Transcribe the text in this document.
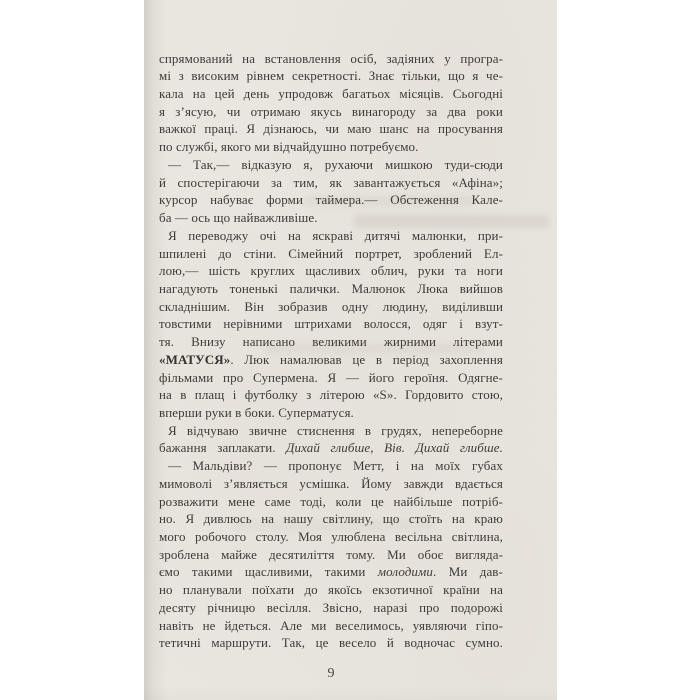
спрямований на встановлення осіб, задіяних у програ-
мі з високим рівнем секретності. Знає тільки, що я че-
кала на цей день упродовж багатьох місяців. Сьогодні
я з’ясую, чи отримаю якусь винагороду за два роки
важкої праці. Я дізнаюсь, чи маю шанс на просування
по службі, якого ми відчайдушно потребуємо.
— Так,— відказую я, рухаючи мишкою туди-сюди
й спостерігаючи за тим, як завантажується «Афіна»;
курсор набуває форми таймера.— Обстеження Кале-
ба — ось що найважливіше.
Я переводжу очі на яскраві дитячі малюнки, при-
шпилені до стіни. Сімейний портрет, зроблений Ел-
лою,— шість круглих щасливих облич, руки та ноги
нагадують тоненькі палички. Малюнок Люка вийшов
складнішим. Він зобразив одну людину, виділивши
товстими нерівними штрихами волосся, одяг і взут-
тя. Внизу написано великими жирними літерами
«МАТУСЯ». Люк намалював це в період захоплення
фільмами про Супермена. Я — його героїня. Одягне-
на в плащ і футболку з літерою «S». Гордовито стою,
вперши руки в боки. Суперматуся.
Я відчуваю звичне стиснення в грудях, непереборне
бажання заплакати. Дихай глибше, Вів. Дихай глибше.
— Мальдіви? — пропонує Метт, і на моїх губах
мимоволі з’являється усмішка. Йому завжди вдається
розважити мене саме тоді, коли це найбільше потріб-
но. Я дивлюсь на нашу світлину, що стоїть на краю
мого робочого столу. Моя улюблена весільна світлина,
зроблена майже десятиліття тому. Ми обоє вигляда-
ємо такими щасливими, такими молодими. Ми дав-
но планували поїхати до якоїсь екзотичної країни на
десяту річницю весілля. Звісно, наразі про подорожі
навіть не йдеться. Але ми веселимось, уявляючи гіпо-
тетичні маршрути. Так, це весело й водночас сумно.
9
